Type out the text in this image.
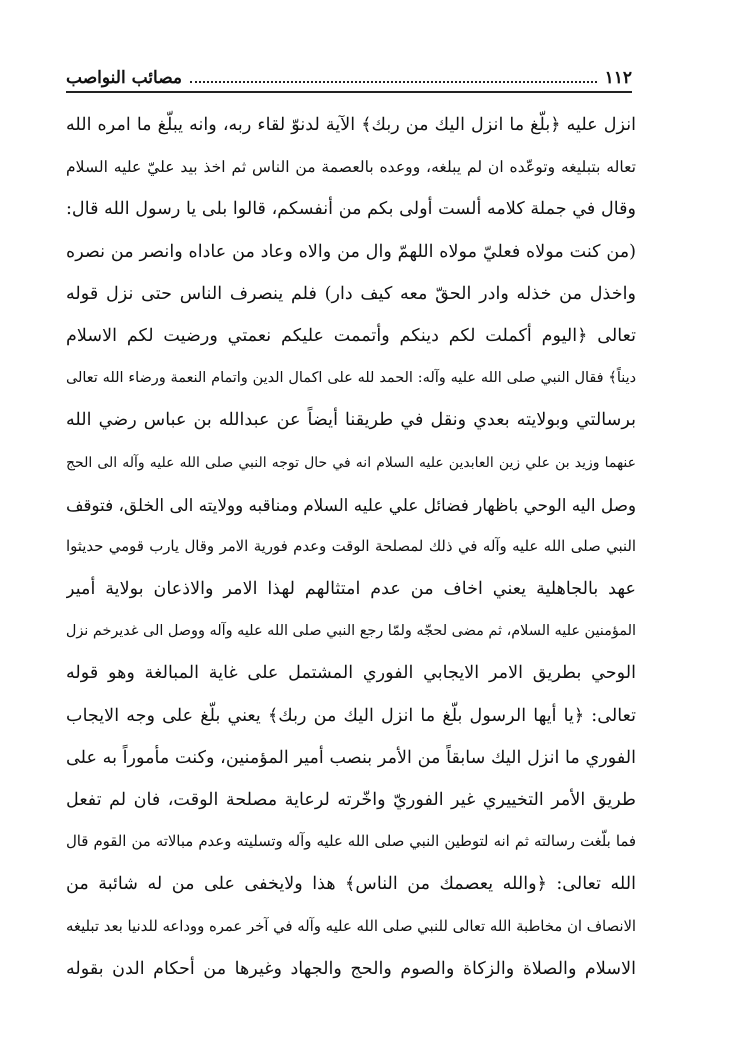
١١٢
مصائب النواصب
انزل عليه ﴿بلّغ ما انزل اليك من ربك﴾ الآية لدنوّ لقاء ربه، وانه يبلّغ ما امره الله
تعاله بتبليغه وتوعّده ان لم يبلغه، ووعده بالعصمة من الناس ثم اخذ بيد عليّ عليه السلام
وقال في جملة كلامه ألست أولى بكم من أنفسكم، قالوا بلى يا رسول الله قال:
(من كنت مولاه فعليّ مولاه اللهمّ وال من والاه وعاد من عاداه وانصر من نصره
واخذل من خذله وادر الحقّ معه كيف دار) فلم ينصرف الناس حتى نزل قوله
تعالى ﴿اليوم أكملت لكم دينكم وأتممت عليكم نعمتي ورضيت لكم الاسلام
ديناً﴾ فقال النبي صلى الله عليه وآله: الحمد لله على اكمال الدين واتمام النعمة ورضاء الله تعالى
برسالتي وبولايته بعدي ونقل في طريقنا أيضاً عن عبدالله بن عباس رضي الله
عنهما وزيد بن علي زين العابدين عليه السلام انه في حال توجه النبي صلى الله عليه وآله الى الحج
وصل اليه الوحي باظهار فضائل علي عليه السلام ومناقبه وولايته الى الخلق، فتوقف
النبي صلى الله عليه وآله في ذلك لمصلحة الوقت وعدم فورية الامر وقال يارب قومي حديثوا
عهد بالجاهلية يعني اخاف من عدم امتثالهم لهذا الامر والاذعان بولاية أمير
المؤمنين عليه السلام، ثم مضى لحجّه ولمّا رجع النبي صلى الله عليه وآله ووصل الى غديرخم نزل
الوحي بطريق الامر الايجابي الفوري المشتمل على غاية المبالغة وهو قوله
تعالى: ﴿يا أيها الرسول بلّغ ما انزل اليك من ربك﴾ يعني بلّغ على وجه الايجاب
الفوري ما انزل اليك سابقاً من الأمر بنصب أمير المؤمنين، وكنت مأموراً به على
طريق الأمر التخييري غير الفوريّ واخّرته لرعاية مصلحة الوقت، فان لم تفعل
فما بلّغت رسالته ثم انه لتوطين النبي صلى الله عليه وآله وتسليته وعدم مبالاته من القوم قال
الله تعالى: ﴿والله يعصمك من الناس﴾ هذا ولايخفى على من له شائبة من
الانصاف ان مخاطبة الله تعالى للنبي صلى الله عليه وآله في آخر عمره ووداعه للدنيا بعد تبليغه
الاسلام والصلاة والزكاة والصوم والحج والجهاد وغيرها من أحكام الدن بقوله
